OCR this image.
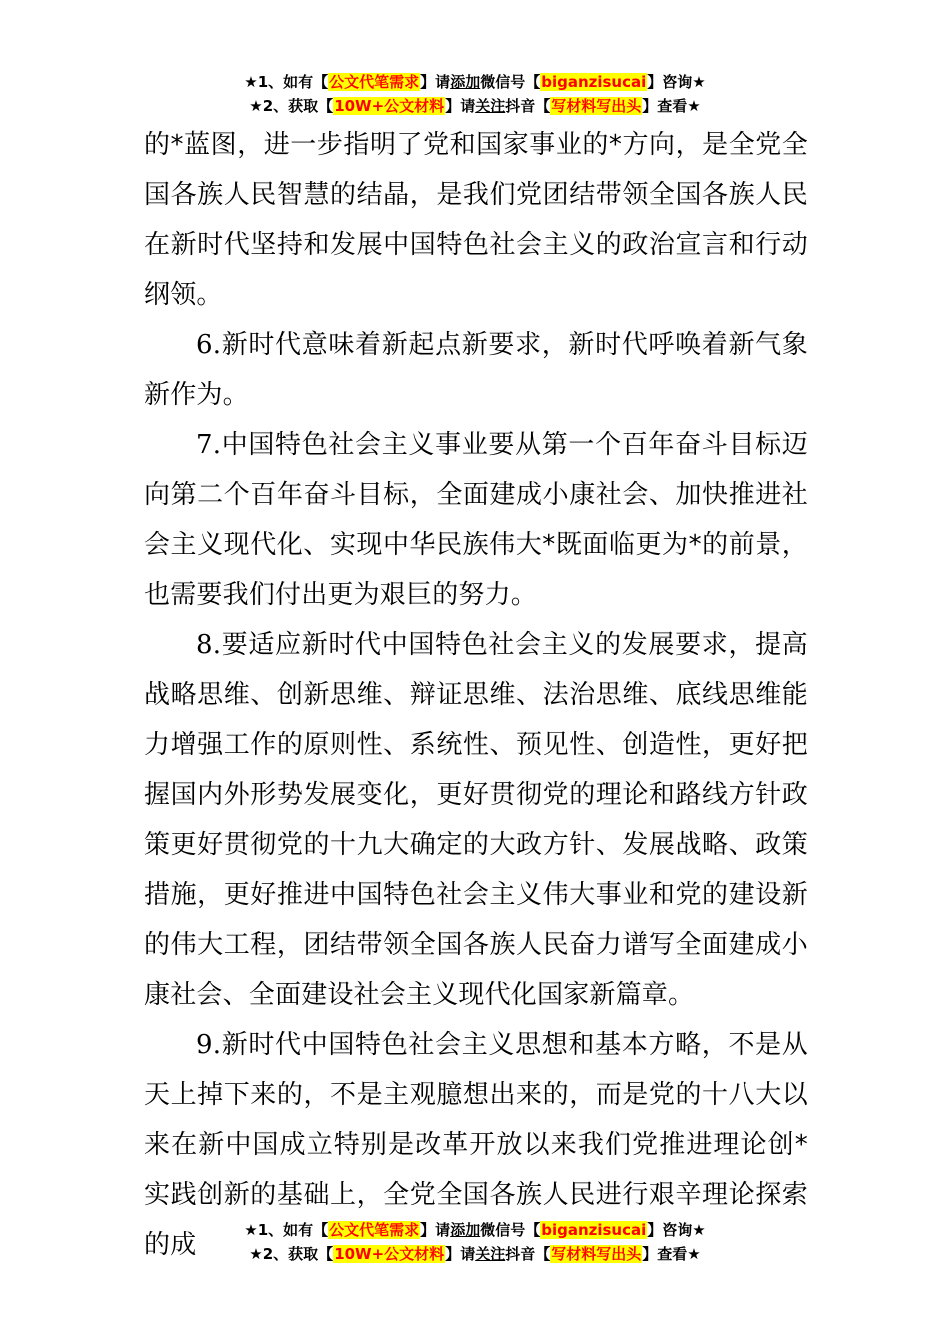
★1、如有【公文代笔需求】请添加微信号【biganzisucai】咨询★
★2、获取【10W+公文材料】请关注抖音【写材料写出头】查看★

的*蓝图，进一步指明了党和国家事业的*方向，是全党全国各族人民智慧的结晶，是我们党团结带领全国各族人民在新时代坚持和发展中国特色社会主义的政治宣言和行动纲领。

6.新时代意味着新起点新要求，新时代呼唤着新气象新作为。

7.中国特色社会主义事业要从第一个百年奋斗目标迈向第二个百年奋斗目标，全面建成小康社会、加快推进社会主义现代化、实现中华民族伟大*既面临更为*的前景，也需要我们付出更为艰巨的努力。

8.要适应新时代中国特色社会主义的发展要求，提高战略思维、创新思维、辩证思维、法治思维、底线思维能力增强工作的原则性、系统性、预见性、创造性，更好把握国内外形势发展变化，更好贯彻党的理论和路线方针政策更好贯彻党的十九大确定的大政方针、发展战略、政策措施，更好推进中国特色社会主义伟大事业和党的建设新的伟大工程，团结带领全国各族人民奋力谱写全面建成小康社会、全面建设社会主义现代化国家新篇章。

9.新时代中国特色社会主义思想和基本方略，不是从天上掉下来的，不是主观臆想出来的，而是党的十八大以来在新中国成立特别是改革开放以来我们党推进理论创*实践创新的基础上，全党全国各族人民进行艰辛理论探索的成	★1、如有【公文代笔需求】请添加微信号【biganzisucai】咨询★
★2、获取【10W+公文材料】请关注抖音【写材料写出头】查看★
